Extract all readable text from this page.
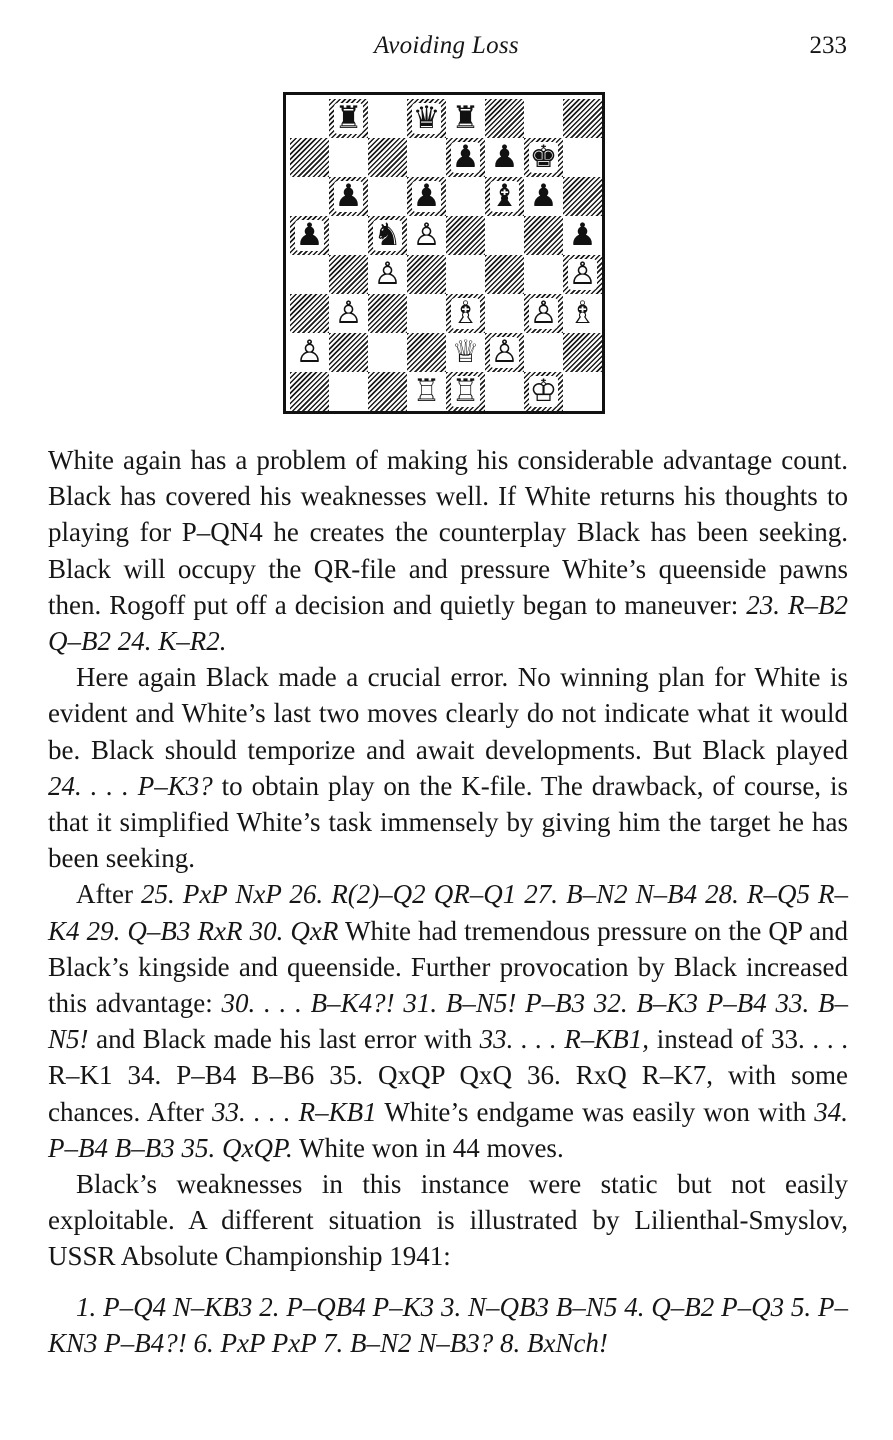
Avoiding Loss	233
♜ ♛ ♜
♟ ♟ ♚
♟ ♟ ♝ ♟
♟ ♞ ♙	♟
♙	♙
♙	♗ ♙ ♗
♙	♕ ♙
♖ ♖ ♔

White again has a problem of making his considerable advantage count. Black has covered his weaknesses well. If White returns his thoughts to playing for P–QN4 he creates the counterplay Black has been seeking. Black will occupy the QR-file and pressure White’s queenside pawns then. Rogoff put off a decision and quietly began to maneuver: 23. R–B2 Q–B2 24. K–R2.

Here again Black made a crucial error. No winning plan for White is evident and White’s last two moves clearly do not indicate what it would be. Black should temporize and await developments. But Black played 24. . . . P–K3? to obtain play on the K-file. The drawback, of course, is that it simplified White’s task immensely by giving him the target he has been seeking.

After 25. PxP NxP 26. R(2)–Q2 QR–Q1 27. B–N2 N–B4 28. R–Q5 R–K4 29. Q–B3 RxR 30. QxR White had tremendous pressure on the QP and Black’s kingside and queenside. Further provocation by Black increased this advantage: 30. . . . B–K4?! 31. B–N5! P–B3 32. B–K3 P–B4 33. B–N5! and Black made his last error with 33. . . . R–KB1, instead of 33. . . . R–K1 34. P–B4 B–B6 35. QxQP QxQ 36. RxQ R–K7, with some chances. After 33. . . . R–KB1 White’s endgame was easily won with 34. P–B4 B–B3 35. QxQP. White won in 44 moves.

Black’s weaknesses in this instance were static but not easily exploitable. A different situation is illustrated by Lilienthal-Smyslov, USSR Absolute Championship 1941:

1. P–Q4 N–KB3 2. P–QB4 P–K3 3. N–QB3 B–N5 4. Q–B2 P–Q3 5. P–KN3 P–B4?! 6. PxP PxP 7. B–N2 N–B3? 8. BxNch!
